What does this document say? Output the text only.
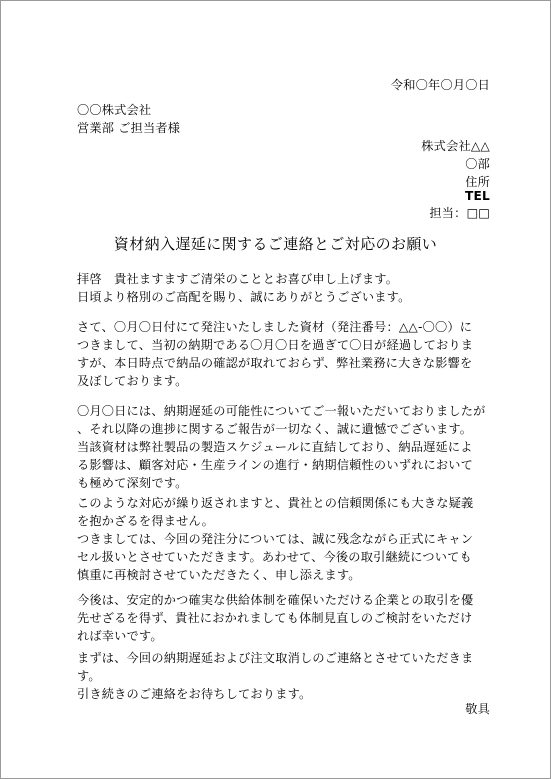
令和〇年〇月〇日
〇〇株式会社
営業部 ご担当者様
株式会社△△
〇部
住所
TEL
担当：□□
資材納入遅延に関するご連絡とご対応のお願い
拝啓　貴社ますますご清栄のこととお喜び申し上げます。
日頃より格別のご高配を賜り、誠にありがとうございます。
さて、〇月〇日付にて発注いたしました資材（発注番号：△△-〇〇）に
つきまして、当初の納期である〇月〇日を過ぎて〇日が経過しておりま
すが、本日時点で納品の確認が取れておらず、弊社業務に大きな影響を
及ぼしております。
〇月〇日には、納期遅延の可能性についてご一報いただいておりましたが
、それ以降の進捗に関するご報告が一切なく、誠に遺憾でございます。
当該資材は弊社製品の製造スケジュールに直結しており、納品遅延によ
る影響は、顧客対応・生産ラインの進行・納期信頼性のいずれにおいて
も極めて深刻です。
このような対応が繰り返されますと、貴社との信頼関係にも大きな疑義
を抱かざるを得ません。
つきましては、今回の発注分については、誠に残念ながら正式にキャン
セル扱いとさせていただきます。あわせて、今後の取引継続についても
慎重に再検討させていただきたく、申し添えます。
今後は、安定的かつ確実な供給体制を確保いただける企業との取引を優
先せざるを得ず、貴社におかれましても体制見直しのご検討をいただけ
れば幸いです。
まずは、今回の納期遅延および注文取消しのご連絡とさせていただきま
す。
引き続きのご連絡をお待ちしております。
敬具
